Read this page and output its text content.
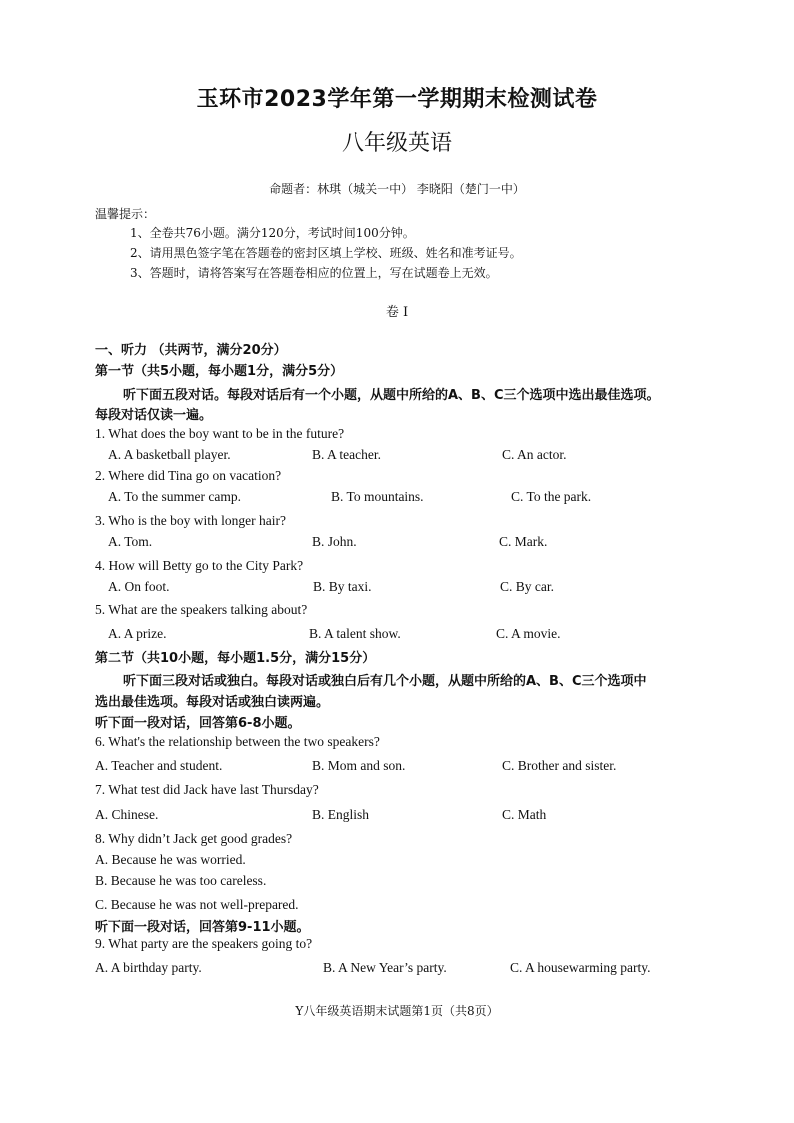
玉环市2023学年第一学期期末检测试卷
八年级英语
命题者：林琪（城关一中） 李晓阳（楚门一中）
温馨提示：
1、全卷共76小题。满分120分，考试时间100分钟。
2、请用黑色签字笔在答题卷的密封区填上学校、班级、姓名和准考证号。
3、答题时，请将答案写在答题卷相应的位置上，写在试题卷上无效。
卷 I
一、听力 （共两节，满分20分）
第一节（共5小题，每小题1分，满分5分）
听下面五段对话。每段对话后有一个小题，从题中所给的A、B、C三个选项中选出最佳选项。
每段对话仅读一遍。
1. What does the boy want to be in the future?
A. A basketball player.	B. A teacher.	C. An actor.
2. Where did Tina go on vacation?
A. To the summer camp.	B. To mountains.	C. To the park.
3. Who is the boy with longer hair?
A. Tom.	B. John.	C. Mark.
4. How will Betty go to the City Park?
A. On foot.	B. By taxi.	C. By car.
5. What are the speakers talking about?
A. A prize.	B. A talent show.	C. A movie.
第二节（共10小题，每小题1.5分，满分15分）
听下面三段对话或独白。每段对话或独白后有几个小题，从题中所给的A、B、C三个选项中
选出最佳选项。每段对话或独白读两遍。
听下面一段对话，回答第6-8小题。
6. What's the relationship between the two speakers?
A. Teacher and student.	B. Mom and son.	C. Brother and sister.
7. What test did Jack have last Thursday?
A. Chinese.	B. English	C. Math
8. Why didn’t Jack get good grades?
A. Because he was worried.
B. Because he was too careless.
C. Because he was not well-prepared.
听下面一段对话，回答第9-11小题。
9. What party are the speakers going to?
A. A birthday party.	B. A New Year’s party.	C. A housewarming party.
Y八年级英语期末试题第1页（共8页）
